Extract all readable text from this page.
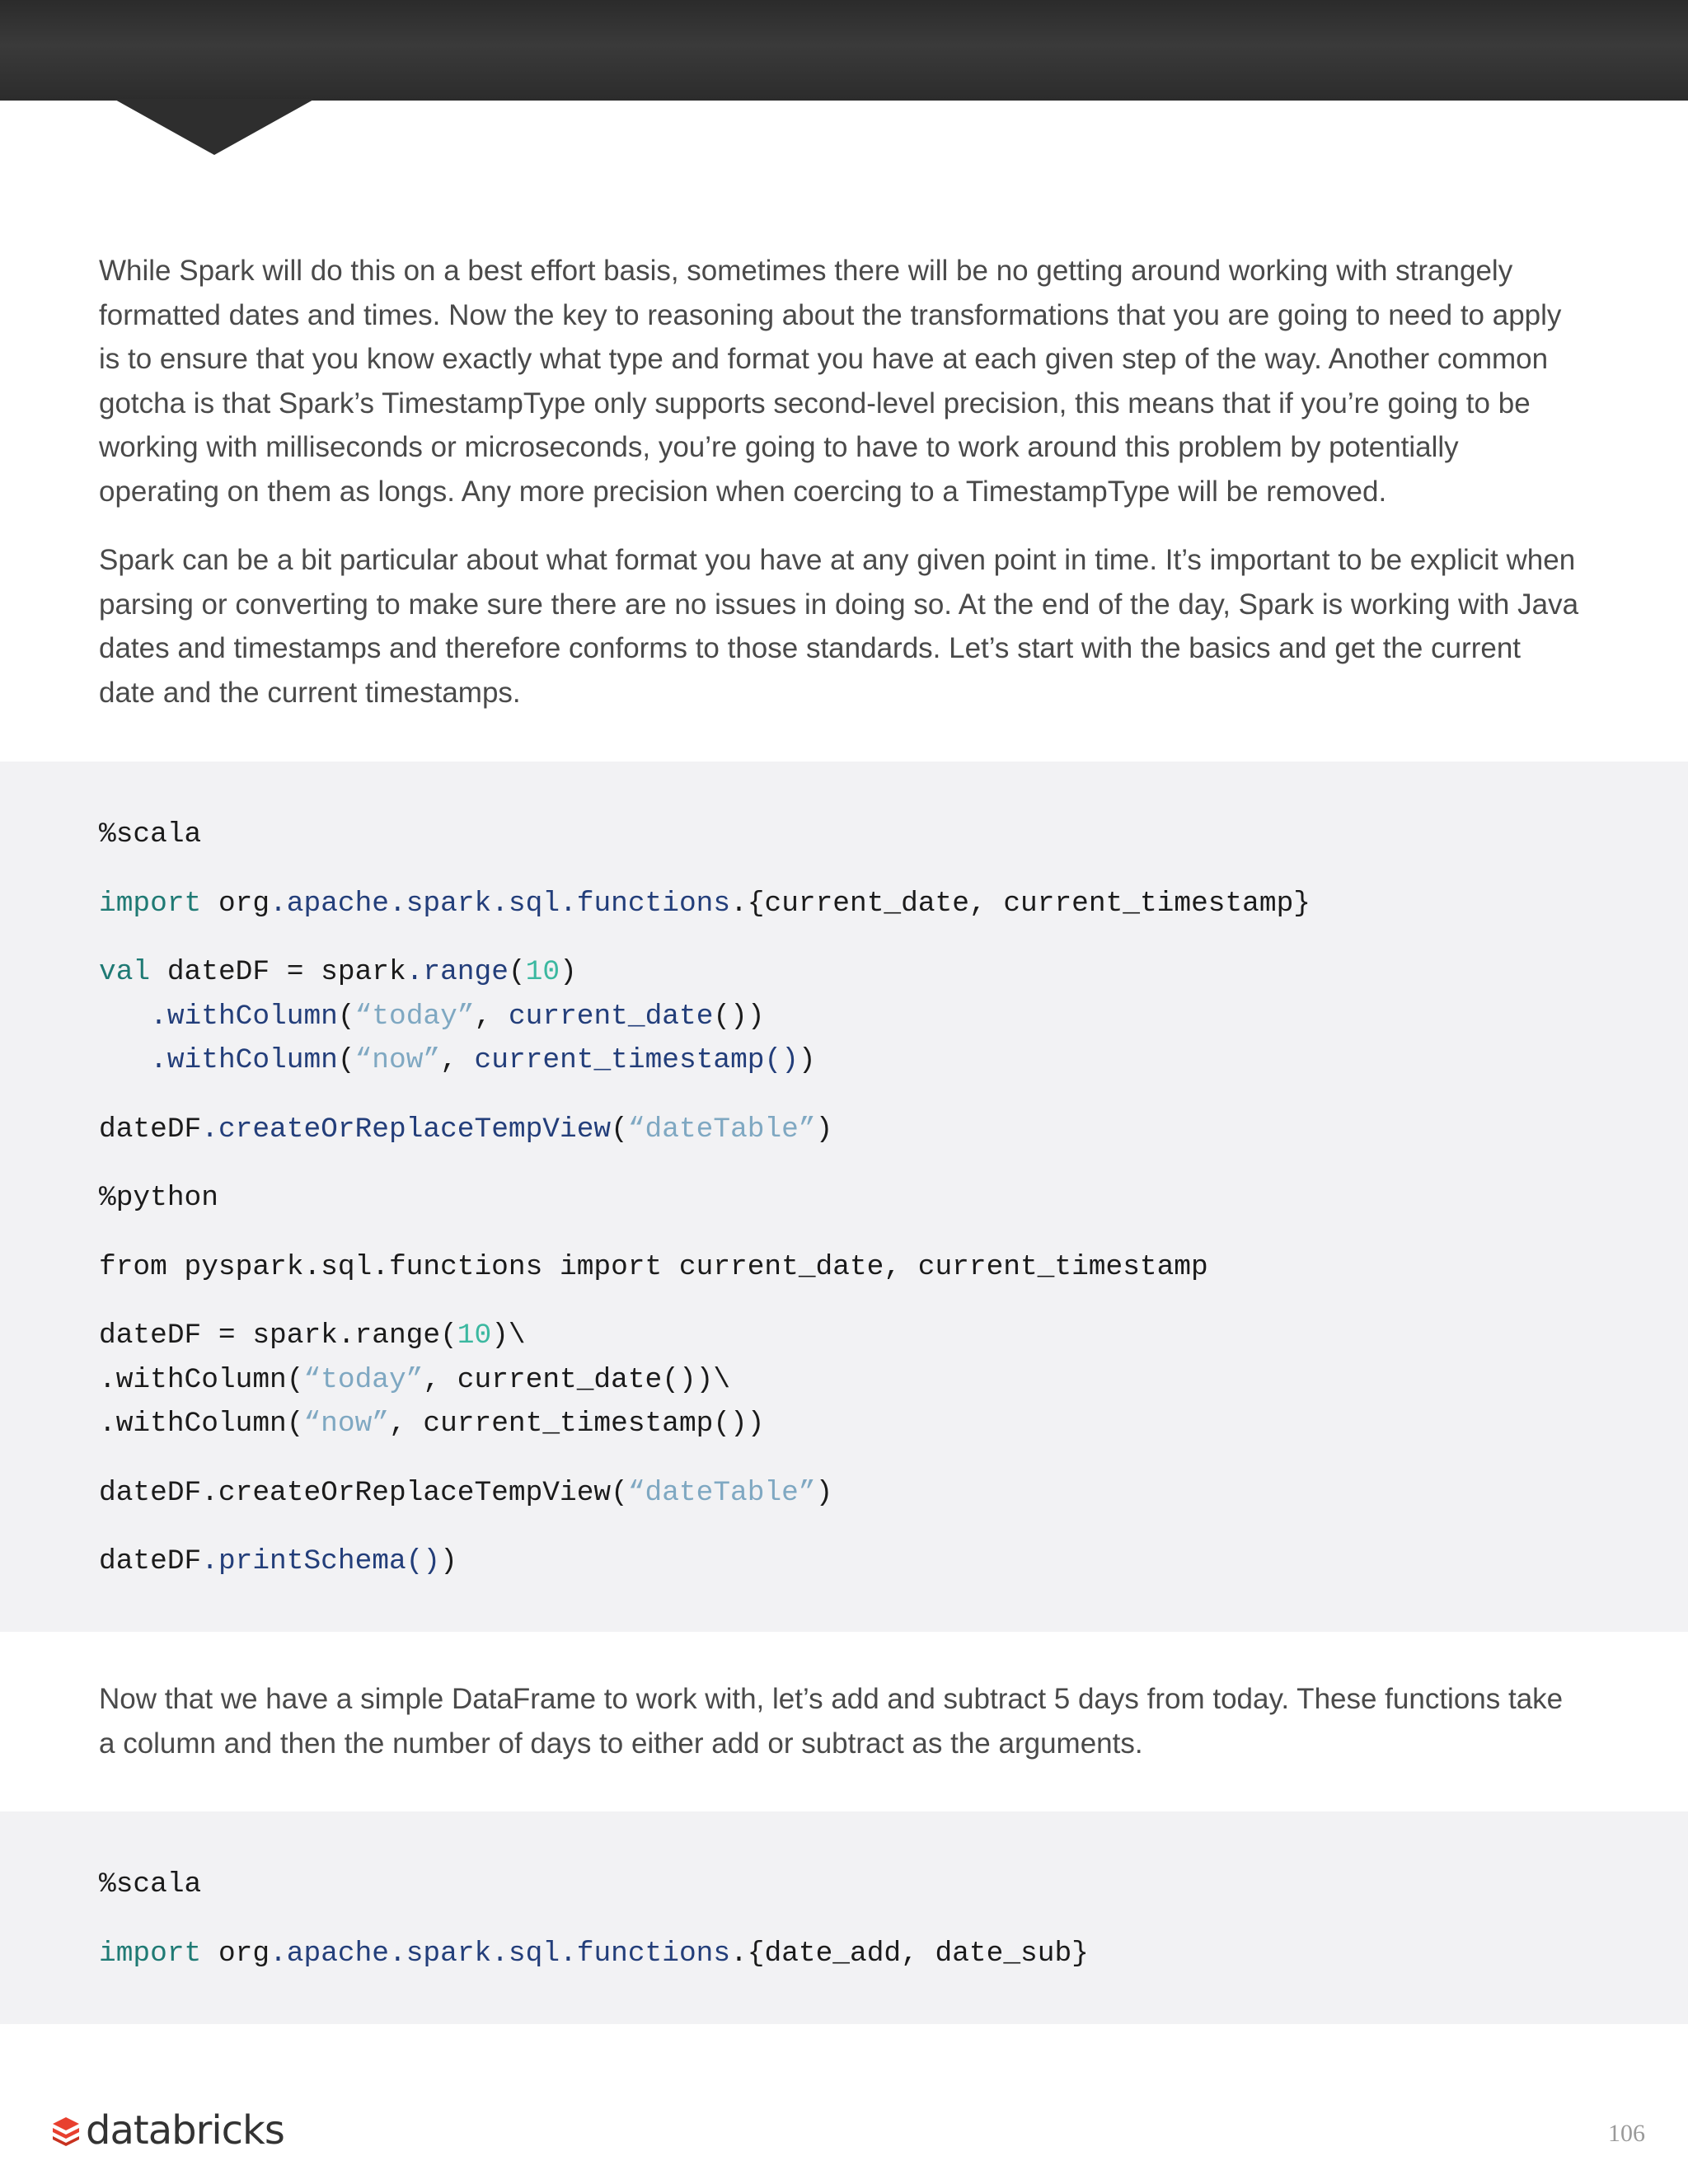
While Spark will do this on a best effort basis, sometimes there will be no getting around working with strangely formatted dates and times. Now the key to reasoning about the transformations that you are going to need to apply is to ensure that you know exactly what type and format you have at each given step of the way. Another common gotcha is that Spark’s TimestampType only supports second-level precision, this means that if you’re going to be working with milliseconds or microseconds, you’re going to have to work around this problem by potentially operating on them as longs. Any more precision when coercing to a TimestampType will be removed.

Spark can be a bit particular about what format you have at any given point in time. It’s important to be explicit when parsing or converting to make sure there are no issues in doing so. At the end of the day, Spark is working with Java dates and timestamps and therefore conforms to those standards. Let’s start with the basics and get the current date and the current timestamps.

%scala
import org.apache.spark.sql.functions.{current_date, current_timestamp}
val dateDF = spark.range(10)
.withColumn(“today”, current_date())
.withColumn(“now”, current_timestamp())
dateDF.createOrReplaceTempView(“dateTable”)
%python
from pyspark.sql.functions import current_date, current_timestamp
dateDF = spark.range(10)\
.withColumn(“today”, current_date())\
.withColumn(“now”, current_timestamp())
dateDF.createOrReplaceTempView(“dateTable”)
dateDF.printSchema())

Now that we have a simple DataFrame to work with, let’s add and subtract 5 days from today. These functions take a column and then the number of days to either add or subtract as the arguments.

%scala
import org.apache.spark.sql.functions.{date_add, date_sub}
databricks	106
